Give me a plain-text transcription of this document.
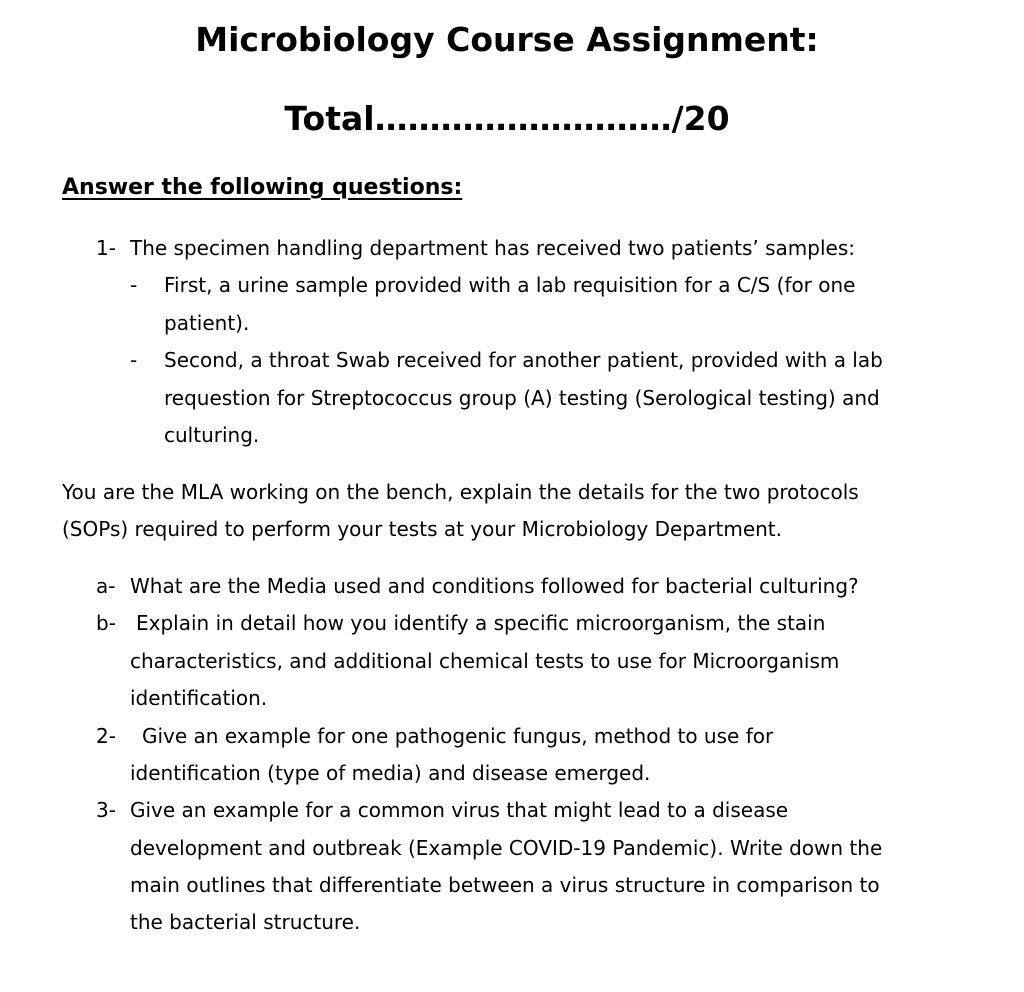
Microbiology Course Assignment:
Total………………………/20
Answer the following questions:
1- The specimen handling department has received two patients’ samples:
- First, a urine sample provided with a lab requisition for a C/S (for one
patient).
- Second, a throat Swab received for another patient, provided with a lab
requestion for Streptococcus group (A) testing (Serological testing) and
culturing.
You are the MLA working on the bench, explain the details for the two protocols
(SOPs) required to perform your tests at your Microbiology Department.
a- What are the Media used and conditions followed for bacterial culturing?
b- Explain in detail how you identify a specific microorganism, the stain
characteristics, and additional chemical tests to use for Microorganism
identification.
2- Give an example for one pathogenic fungus, method to use for
identification (type of media) and disease emerged.
3- Give an example for a common virus that might lead to a disease
development and outbreak (Example COVID-19 Pandemic). Write down the
main outlines that differentiate between a virus structure in comparison to
the bacterial structure.
